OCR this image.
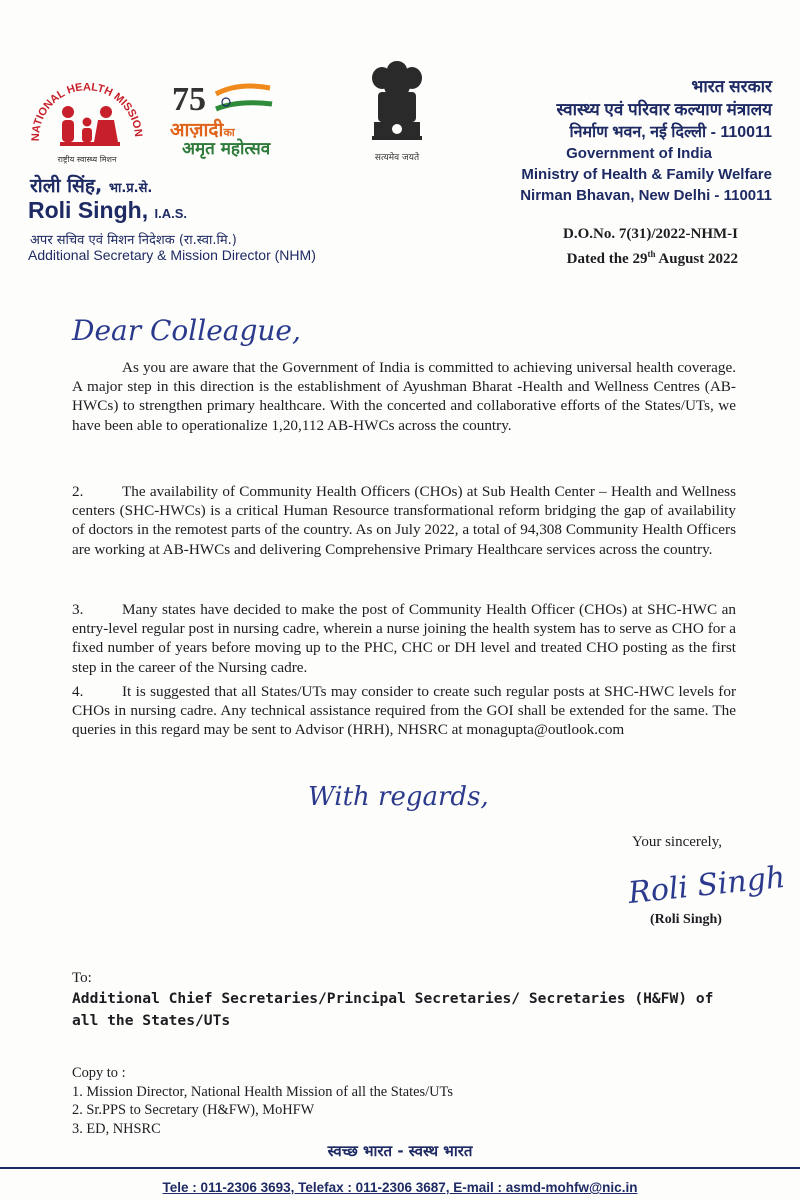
NATIONAL HEALTH MISSION
राष्ट्रीय स्वास्थ्य मिशन
75
आज़ादीका
अमृत महोत्सव	सत्यमेव जयते
भारत सरकार
स्वास्थ्य एवं परिवार कल्याण मंत्रालय
निर्माण भवन, नई दिल्ली - 110011
Government of India
Ministry of Health & Family Welfare
Nirman Bhavan, New Delhi - 110011
रोली सिंह, भा.प्र.से.
Roli Singh, I.A.S.
अपर सचिव एवं मिशन निदेशक (रा.स्वा.मि.)
Additional Secretary & Mission Director (NHM)
D.O.No. 7(31)/2022-NHM-I
Dated the 29th August 2022
Dear Colleague,
As you are aware that the Government of India is committed to achieving universal health coverage. A major step in this direction is the establishment of Ayushman Bharat -Health and Wellness Centres (AB-HWCs) to strengthen primary healthcare. With the concerted and collaborative efforts of the States/UTs, we have been able to operationalize 1,20,112 AB-HWCs across the country.
2.	The availability of Community Health Officers (CHOs) at Sub Health Center – Health and Wellness centers (SHC-HWCs) is a critical Human Resource transformational reform bridging the gap of availability of doctors in the remotest parts of the country. As on July 2022, a total of 94,308 Community Health Officers are working at AB-HWCs and delivering Comprehensive Primary Healthcare services across the country.
3.	Many states have decided to make the post of Community Health Officer (CHOs) at SHC-HWC an entry-level regular post in nursing cadre, wherein a nurse joining the health system has to serve as CHO for a fixed number of years before moving up to the PHC, CHC or DH level and treated CHO posting as the first step in the career of the Nursing cadre.
4.	It is suggested that all States/UTs may consider to create such regular posts at SHC-HWC levels for CHOs in nursing cadre. Any technical assistance required from the GOI shall be extended for the same. The queries in this regard may be sent to Advisor (HRH), NHSRC at monagupta@outlook.com
With regards,
Your sincerely,
Roli Singh
(Roli Singh)
To:
Additional Chief Secretaries/Principal Secretaries/ Secretaries (H&FW) of all the States/UTs
Copy to :
1. Mission Director, National Health Mission of all the States/UTs
2. Sr.PPS to Secretary (H&FW), MoHFW
3. ED, NHSRC
स्वच्छ भारत - स्वस्थ भारत
Tele : 011-2306 3693, Telefax : 011-2306 3687, E-mail : asmd-mohfw@nic.in
